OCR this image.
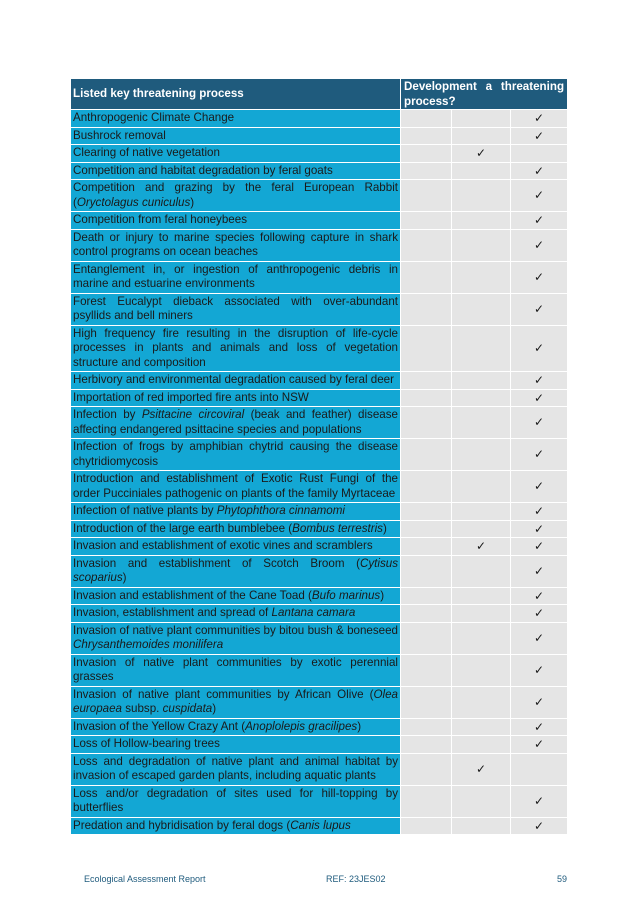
Listed key threatening process	Development a threatening process?		
Anthropogenic Climate Change			✓
Bushrock removal			✓
Clearing of native vegetation		✓	
Competition and habitat degradation by feral goats			✓
Competition and grazing by the feral European Rabbit (Oryctolagus cuniculus)			✓
Competition from feral honeybees			✓
Death or injury to marine species following capture in shark control programs on ocean beaches			✓
Entanglement in, or ingestion of anthropogenic debris in marine and estuarine environments			✓
Forest Eucalypt dieback associated with over-abundant psyllids and bell miners			✓
High frequency fire resulting in the disruption of life-cycle processes in plants and animals and loss of vegetation structure and composition			✓
Herbivory and environmental degradation caused by feral deer			✓
Importation of red imported fire ants into NSW			✓
Infection by Psittacine circoviral (beak and feather) disease affecting endangered psittacine species and populations			✓
Infection of frogs by amphibian chytrid causing the disease chytridiomycosis			✓
Introduction and establishment of Exotic Rust Fungi of the order Pucciniales pathogenic on plants of the family Myrtaceae			✓
Infection of native plants by Phytophthora cinnamomi			✓
Introduction of the large earth bumblebee (Bombus terrestris)			✓
Invasion and establishment of exotic vines and scramblers		✓	✓
Invasion and establishment of Scotch Broom (Cytisus scoparius)			✓
Invasion and establishment of the Cane Toad (Bufo marinus)			✓
Invasion, establishment and spread of Lantana camara			✓
Invasion of native plant communities by bitou bush & boneseed Chrysanthemoides monilifera			✓
Invasion of native plant communities by exotic perennial grasses			✓
Invasion of native plant communities by African Olive (Olea europaea subsp. cuspidata)			✓
Invasion of the Yellow Crazy Ant (Anoplolepis gracilipes)			✓
Loss of Hollow-bearing trees			✓
Loss and degradation of native plant and animal habitat by invasion of escaped garden plants, including aquatic plants		✓	
Loss and/or degradation of sites used for hill-topping by butterflies			✓
Predation and hybridisation by feral dogs (Canis lupus			✓
Ecological Assessment Report	REF: 23JES02	59
